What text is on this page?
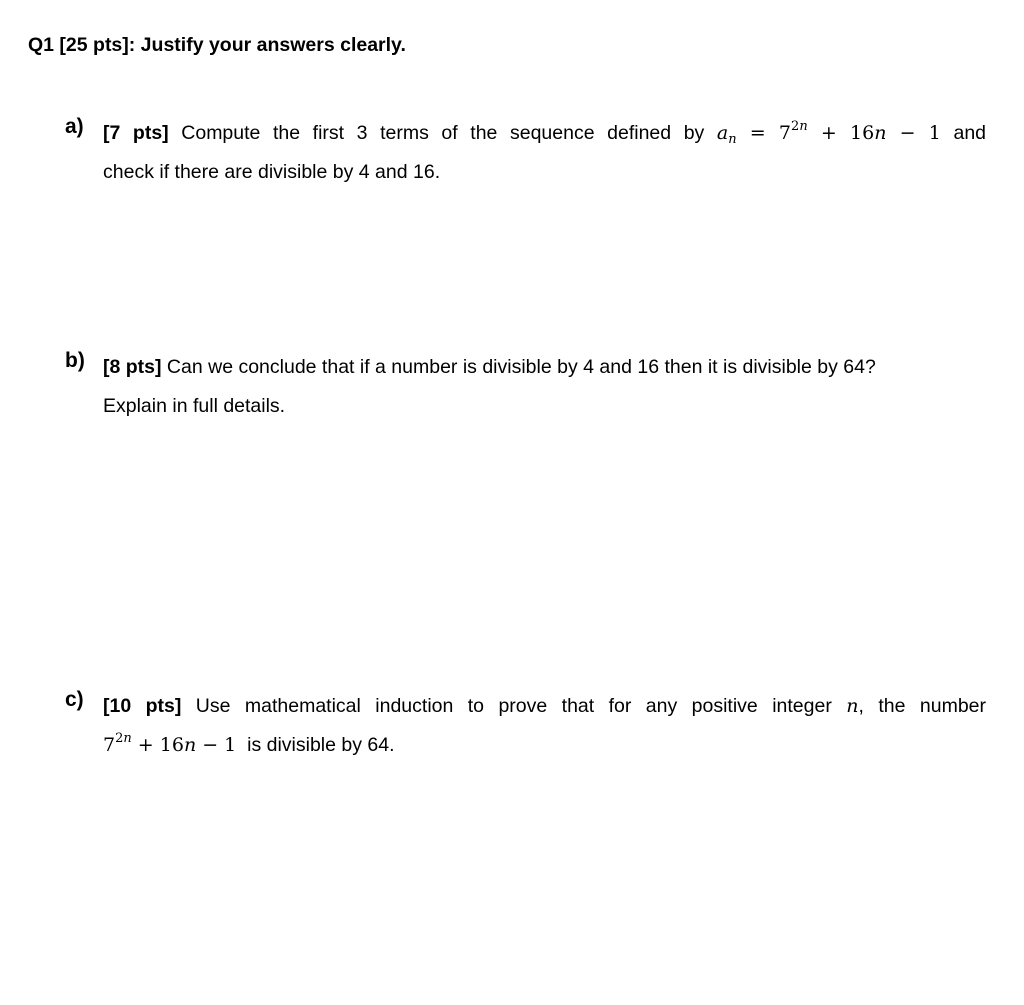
Q1 [25 pts]: Justify your answers clearly.
a) [7 pts] Compute the first 3 terms of the sequence defined by $a_n = 7^{2n} + 16n - 1$ and
check if there are divisible by 4 and 16.
b) [8 pts] Can we conclude that if a number is divisible by 4 and 16 then it is divisible by 64?
Explain in full details.
c) [10 pts] Use mathematical induction to prove that for any positive integer n, the number
$7^{2n} + 16n - 1$ is divisible by 64.
